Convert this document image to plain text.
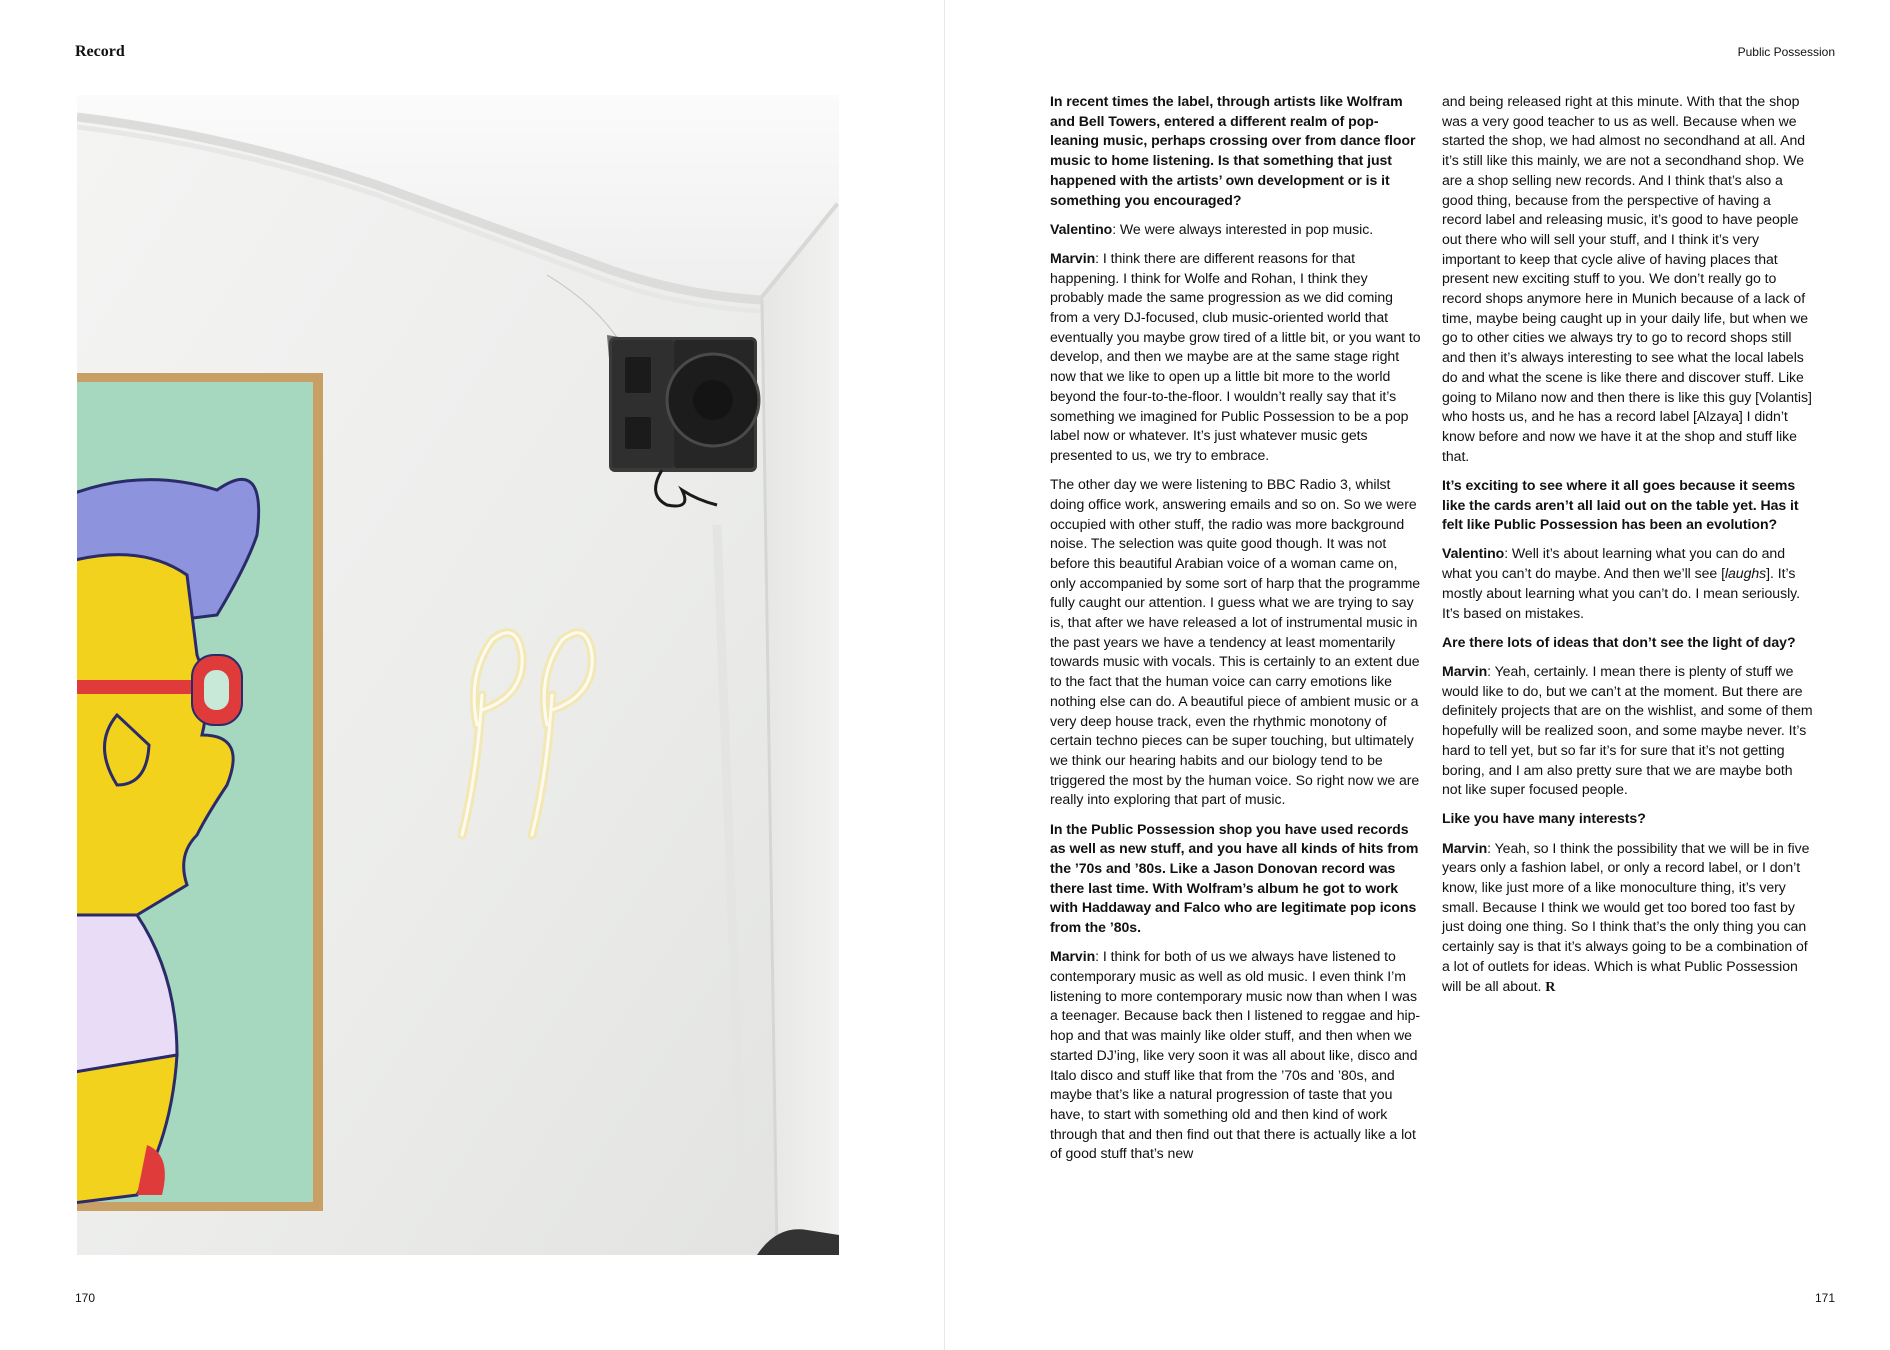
Record
170
Public Possession

In recent times the label, through artists like Wolfram and Bell Towers, entered a different realm of pop-leaning music, perhaps crossing over from dance floor music to home listening. Is that something that just happened with the artists’ own development or is it something you encouraged?

Valentino: We were always interested in pop music.

Marvin: I think there are different reasons for that happening. I think for Wolfe and Rohan, I think they probably made the same progression as we did coming from a very DJ-focused, club music-oriented world that eventually you maybe grow tired of a little bit, or you want to develop, and then we maybe are at the same stage right now that we like to open up a little bit more to the world beyond the four-to-the-floor. I wouldn’t really say that it’s something we imagined for Public Possession to be a pop label now or whatever. It’s just whatever music gets presented to us, we try to embrace.

The other day we were listening to BBC Radio 3, whilst doing office work, answering emails and so on. So we were occupied with other stuff, the radio was more background noise. The selection was quite good though. It was not before this beautiful Arabian voice of a woman came on, only accompanied by some sort of harp that the programme fully caught our attention. I guess what we are trying to say is, that after we have released a lot of instrumental music in the past years we have a tendency at least momentarily towards music with vocals. This is certainly to an extent due to the fact that the human voice can carry emotions like nothing else can do. A beautiful piece of ambient music or a very deep house track, even the rhythmic monotony of certain techno pieces can be super touching, but ultimately we think our hearing habits and our biology tend to be triggered the most by the human voice. So right now we are really into exploring that part of music.

In the Public Possession shop you have used records as well as new stuff, and you have all kinds of hits from the ’70s and ’80s. Like a Jason Donovan record was there last time. With Wolfram’s album he got to work with Haddaway and Falco who are legitimate pop icons from the ’80s.

Marvin: I think for both of us we always have listened to contemporary music as well as old music. I even think I’m listening to more contemporary music now than when I was a teenager. Because back then I listened to reggae and hip-hop and that was mainly like older stuff, and then when we started DJ’ing, like very soon it was all about like, disco and Italo disco and stuff like that from the ’70s and ’80s, and maybe that’s like a natural progression of taste that you have, to start with something old and then kind of work through that and then find out that there is actually like a lot of good stuff that’s new

and being released right at this minute. With that the shop was a very good teacher to us as well. Because when we started the shop, we had almost no secondhand at all. And it’s still like this mainly, we are not a secondhand shop. We are a shop selling new records. And I think that’s also a good thing, because from the perspective of having a record label and releasing music, it’s good to have people out there who will sell your stuff, and I think it’s very important to keep that cycle alive of having places that present new exciting stuff to you. We don’t really go to record shops anymore here in Munich because of a lack of time, maybe being caught up in your daily life, but when we go to other cities we always try to go to record shops still and then it’s always interesting to see what the local labels do and what the scene is like there and discover stuff. Like going to Milano now and then there is like this guy [Volantis] who hosts us, and he has a record label [Alzaya] I didn’t know before and now we have it at the shop and stuff like that.

It’s exciting to see where it all goes because it seems like the cards aren’t all laid out on the table yet. Has it felt like Public Possession has been an evolution?

Valentino: Well it’s about learning what you can do and what you can’t do maybe. And then we’ll see [laughs]. It’s mostly about learning what you can’t do. I mean seriously. It’s based on mistakes.

Are there lots of ideas that don’t see the light of day?

Marvin: Yeah, certainly. I mean there is plenty of stuff we would like to do, but we can’t at the moment. But there are definitely projects that are on the wishlist, and some of them hopefully will be realized soon, and some maybe never. It’s hard to tell yet, but so far it’s for sure that it’s not getting boring, and I am also pretty sure that we are maybe both not like super focused people.

Like you have many interests?

Marvin: Yeah, so I think the possibility that we will be in five years only a fashion label, or only a record label, or I don’t know, like just more of a like monoculture thing, it’s very small. Because I think we would get too bored too fast by just doing one thing. So I think that’s the only thing you can certainly say is that it’s always going to be a combination of a lot of outlets for ideas. Which is what Public Possession will be all about. R

171
